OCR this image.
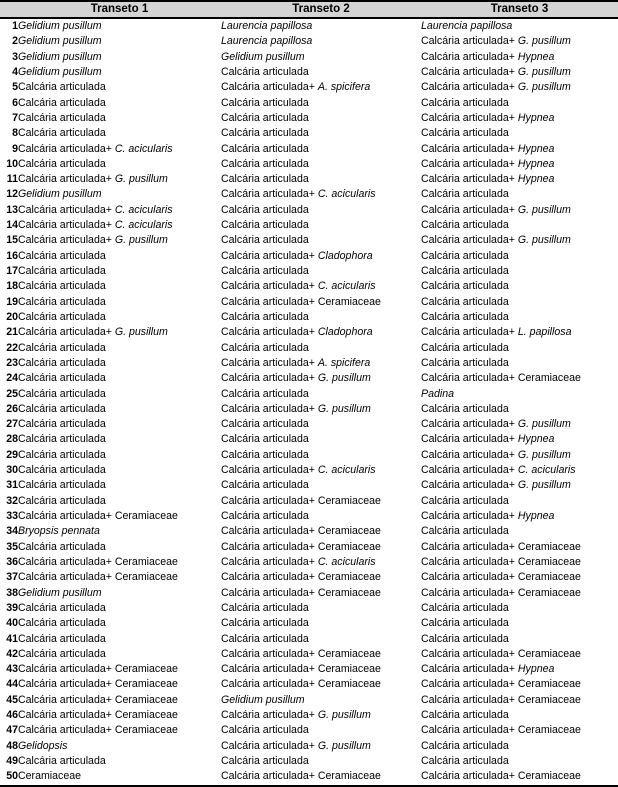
	Transeto 1	Transeto 2	Transeto 3
1	Gelidium pusillum	Laurencia papillosa	Laurencia papillosa
2	Gelidium pusillum	Laurencia papillosa	Calcária articulada+ G. pusillum
3	Gelidium pusillum	Gelidium pusillum	Calcária articulada+ Hypnea
4	Gelidium pusillum	Calcária articulada	Calcária articulada+ G. pusillum
5	Calcária articulada	Calcária articulada+ A. spicifera	Calcária articulada+ G. pusillum
6	Calcária articulada	Calcária articulada	Calcária articulada
7	Calcária articulada	Calcária articulada	Calcária articulada+ Hypnea
8	Calcária articulada	Calcária articulada	Calcária articulada
9	Calcária articulada+ C. acicularis	Calcária articulada	Calcária articulada+ Hypnea
10	Calcária articulada	Calcária articulada	Calcária articulada+ Hypnea
11	Calcária articulada+ G. pusillum	Calcária articulada	Calcária articulada+ Hypnea
12	Gelidium pusillum	Calcária articulada+ C. acicularis	Calcária articulada
13	Calcária articulada+ C. acicularis	Calcária articulada	Calcária articulada+ G. pusillum
14	Calcária articulada+ C. acicularis	Calcária articulada	Calcária articulada
15	Calcária articulada+ G. pusillum	Calcária articulada	Calcária articulada+ G. pusillum
16	Calcária articulada	Calcária articulada+ Cladophora	Calcária articulada
17	Calcária articulada	Calcária articulada	Calcária articulada
18	Calcária articulada	Calcária articulada+ C. acicularis	Calcária articulada
19	Calcária articulada	Calcária articulada+ Ceramiaceae	Calcária articulada
20	Calcária articulada	Calcária articulada	Calcária articulada
21	Calcária articulada+ G. pusillum	Calcária articulada+ Cladophora	Calcária articulada+ L. papillosa
22	Calcária articulada	Calcária articulada	Calcária articulada
23	Calcária articulada	Calcária articulada+ A. spicifera	Calcária articulada
24	Calcária articulada	Calcária articulada+ G. pusillum	Calcária articulada+ Ceramiaceae
25	Calcária articulada	Calcária articulada	Padina
26	Calcária articulada	Calcária articulada+ G. pusillum	Calcária articulada
27	Calcária articulada	Calcária articulada	Calcária articulada+ G. pusillum
28	Calcária articulada	Calcária articulada	Calcária articulada+ Hypnea
29	Calcária articulada	Calcária articulada	Calcária articulada+ G. pusillum
30	Calcária articulada	Calcária articulada+ C. acicularis	Calcária articulada+ C. acicularis
31	Calcária articulada	Calcária articulada	Calcária articulada+ G. pusillum
32	Calcária articulada	Calcária articulada+ Ceramiaceae	Calcária articulada
33	Calcária articulada+ Ceramiaceae	Calcária articulada	Calcária articulada+ Hypnea
34	Bryopsis pennata	Calcária articulada+ Ceramiaceae	Calcária articulada
35	Calcária articulada	Calcária articulada+ Ceramiaceae	Calcária articulada+ Ceramiaceae
36	Calcária articulada+ Ceramiaceae	Calcária articulada+ C. acicularis	Calcária articulada+ Ceramiaceae
37	Calcária articulada+ Ceramiaceae	Calcária articulada+ Ceramiaceae	Calcária articulada+ Ceramiaceae
38	Gelidium pusillum	Calcária articulada+ Ceramiaceae	Calcária articulada+ Ceramiaceae
39	Calcária articulada	Calcária articulada	Calcária articulada
40	Calcária articulada	Calcária articulada	Calcária articulada
41	Calcária articulada	Calcária articulada	Calcária articulada
42	Calcária articulada	Calcária articulada+ Ceramiaceae	Calcária articulada+ Ceramiaceae
43	Calcária articulada+ Ceramiaceae	Calcária articulada+ Ceramiaceae	Calcária articulada+ Hypnea
44	Calcária articulada+ Ceramiaceae	Calcária articulada+ Ceramiaceae	Calcária articulada+ Ceramiaceae
45	Calcária articulada+ Ceramiaceae	Gelidium pusillum	Calcária articulada+ Ceramiaceae
46	Calcária articulada+ Ceramiaceae	Calcária articulada+ G. pusillum	Calcária articulada
47	Calcária articulada+ Ceramiaceae	Calcária articulada	Calcária articulada+ Ceramiaceae
48	Gelidopsis	Calcária articulada+ G. pusillum	Calcária articulada
49	Calcária articulada	Calcária articulada	Calcária articulada
50	Ceramiaceae	Calcária articulada+ Ceramiaceae	Calcária articulada+ Ceramiaceae
